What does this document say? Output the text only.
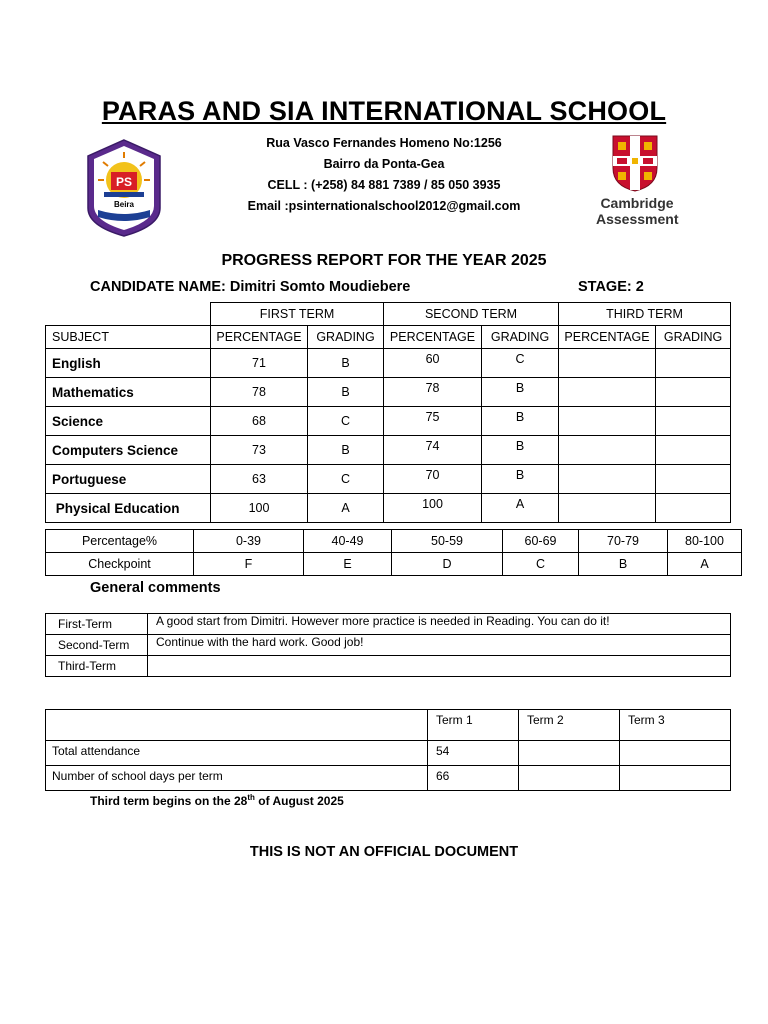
PARAS AND SIA INTERNATIONAL SCHOOL
Rua Vasco Fernandes Homeno No:1256
Bairro da Ponta-Gea
CELL : (+258) 84 881 7389 / 85 050 3935
Email :psinternationalschool2012@gmail.com
PS
Beira	Cambridge
Assessment
PROGRESS REPORT FOR THE YEAR 2025
CANDIDATE NAME: Dimitri Somto Moudiebere	STAGE: 2
	FIRST TERM		SECOND TERM		THIRD TERM	
SUBJECT	PERCENTAGE	GRADING	PERCENTAGE	GRADING	PERCENTAGE	GRADING
English	71	B	60	C		
Mathematics	78	B	78	B		
Science	68	C	75	B		
Computers Science	73	B	74	B		
Portuguese	63	C	70	B		
Physical Education	100	A	100	A		
Percentage%	0-39	40-49	50-59	60-69	70-79	80-100
Checkpoint	F	E	D	C	B	A
General comments
First-Term	A good start from Dimitri. However more practice is needed in Reading. You can do it!
Second-Term	Continue with the hard work. Good job!
Third-Term	
	Term 1	Term 2	Term 3
Total attendance	54		
Number of school days per term	66		
Third term begins on the 28th of August 2025
THIS IS NOT AN OFFICIAL DOCUMENT
